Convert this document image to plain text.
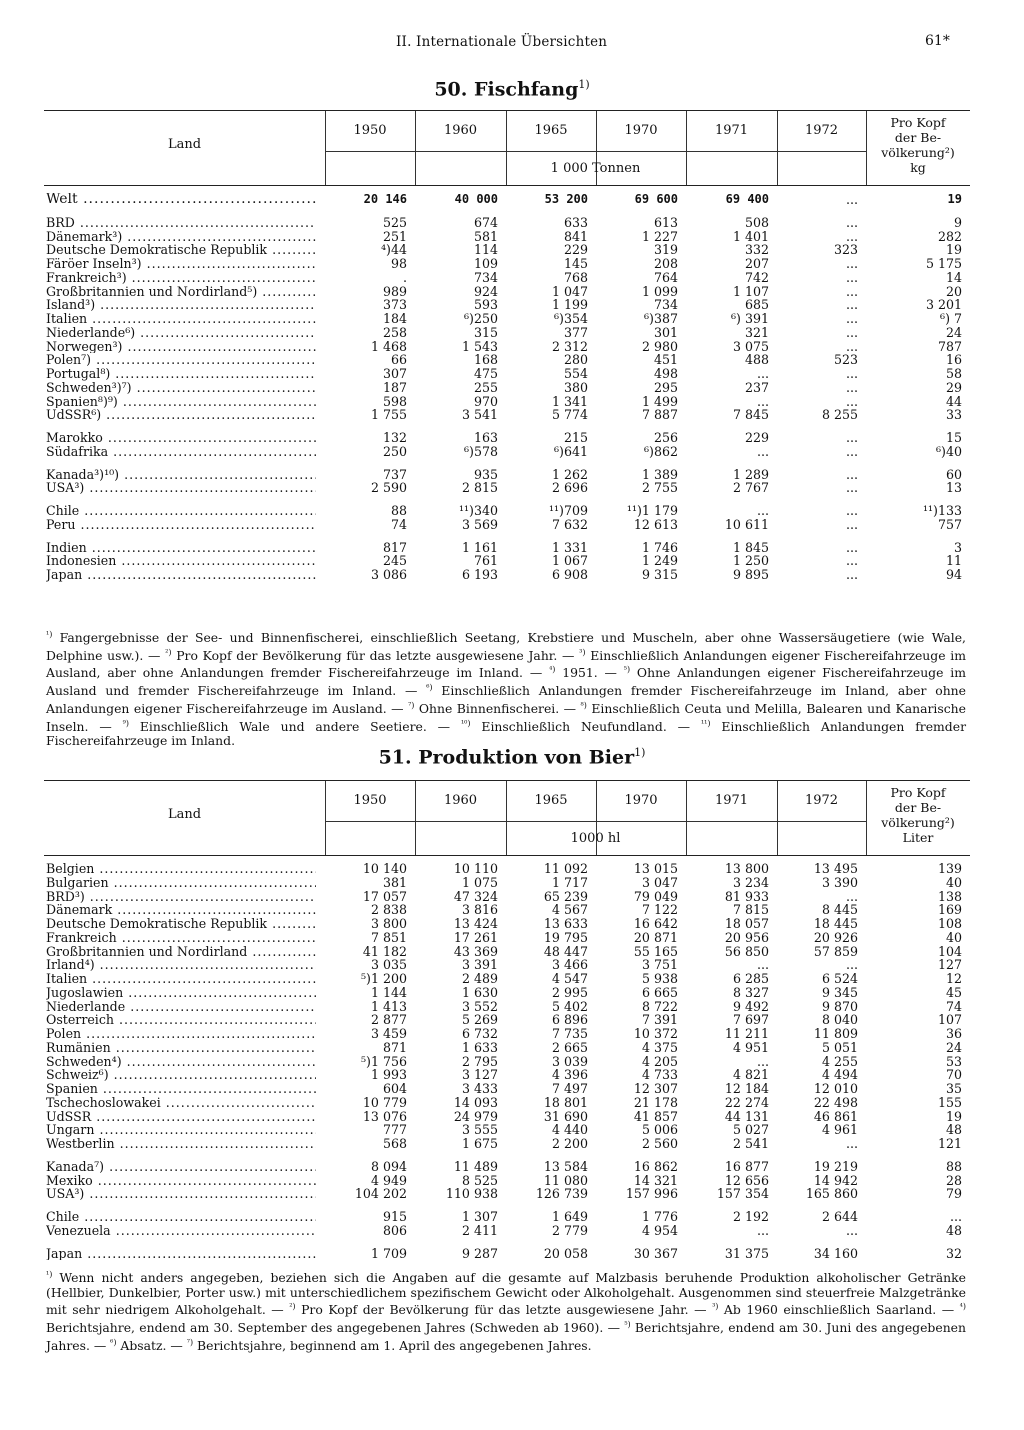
II. Internationale Übersichten	61*
50. Fischfang$^{1)}$
Land
1950	1960	1965	1970	1971	1972
1 000 Tonnen
Pro Kopf
der Be-
völkerung²)
kg
Welt .....	20 146	40 000	53 200	69 600	69 400	...	19
BRD .....	525	674	633	613	508	...	9
Dänemark³) .....	251	581	841	1 227	1 401	...	282
Deutsche Demokratische Republik .....	⁴)44	114	229	319	332	323	19
Färöer Inseln³) .....	98	109	145	208	207	...	5 175
Frankreich³) .....	.	734	768	764	742	...	14
Großbritannien und Nordirland⁵) .....	989	924	1 047	1 099	1 107	...	20
Island³) .....	373	593	1 199	734	685	...	3 201
Italien .....	184	⁶)250	⁶)354	⁶)387	⁶) 391	...	⁶) 7
Niederlande⁶) .....	258	315	377	301	321	...	24
Norwegen³) .....	1 468	1 543	2 312	2 980	3 075	...	787
Polen⁷) .....	66	168	280	451	488	523	16
Portugal⁸) .....	307	475	554	498	...	...	58
Schweden³)⁷) .....	187	255	380	295	237	...	29
Spanien⁸)⁹) .....	598	970	1 341	1 499	...	...	44
UdSSR⁶) .....	1 755	3 541	5 774	7 887	7 845	8 255	33
Marokko .....	132	163	215	256	229	...	15
Südafrika .....	250	⁶)578	⁶)641	⁶)862	...	...	⁶)40
Kanada³)¹⁰) .....	737	935	1 262	1 389	1 289	...	60
USA³) .....	2 590	2 815	2 696	2 755	2 767	...	13
Chile .....	88	¹¹)340	¹¹)709	¹¹)1 179	...	...	¹¹)133
Peru .....	74	3 569	7 632	12 613	10 611	...	757
Indien .....	817	1 161	1 331	1 746	1 845	...	3
Indonesien .....	245	761	1 067	1 249	1 250	...	11
Japan .....	3 086	6 193	6 908	9 315	9 895	...	94
$^{^1)}$ Fangergebnisse der See- und Binnenfischerei, einschließlich Seetang, Krebstiere und Muscheln, aber ohne Wassersäugetiere (wie Wale, Delphine usw.). — $^{^2)}$ Pro Kopf der Bevölkerung für das letzte ausgewiesene Jahr. — $^{^3)}$ Einschließlich Anlandungen eigener Fischereifahrzeuge im Ausland, aber ohne Anlandungen fremder Fischereifahrzeuge im Inland. — $^{^4)}$ 1951. — $^{^5)}$ Ohne Anlandungen eigener Fischereifahrzeuge im Ausland und fremder Fischereifahrzeuge im Inland. — $^{^6)}$ Einschließlich Anlandungen fremder Fischereifahrzeuge im Inland, aber ohne Anlandungen eigener Fischereifahrzeuge im Ausland. — $^{^7)}$ Ohne Binnenfischerei. — $^{^8)}$ Einschließlich Ceuta und Melilla, Balearen und Kanarische Inseln. — $^{^9)}$ Einschließlich Wale und andere Seetiere. — $^{^{10})}$ Einschließlich Neufundland. — $^{^{11})}$ Einschließlich Anlandungen fremder Fischereifahrzeuge im Inland.
51. Produktion von Bier$^{1)}$
Land
1950	1960	1965	1970	1971	1972
1000 hl
Pro Kopf
der Be-
völkerung²)
Liter
Belgien .....	10 140	10 110	11 092	13 015	13 800	13 495	139
Bulgarien .....	381	1 075	1 717	3 047	3 234	3 390	40
BRD³) .....	17 057	47 324	65 239	79 049	81 933	...	138
Dänemark .....	2 838	3 816	4 567	7 122	7 815	8 445	169
Deutsche Demokratische Republik .....	3 800	13 424	13 633	16 642	18 057	18 445	108
Frankreich .....	7 851	17 261	19 795	20 871	20 956	20 926	40
Großbritannien und Nordirland .....	41 182	43 369	48 447	55 165	56 850	57 859	104
Irland⁴) .....	3 035	3 391	3 466	3 751	...	...	127
Italien .....	⁵)1 200	2 489	4 547	5 938	6 285	6 524	12
Jugoslawien .....	1 144	1 630	2 995	6 665	8 327	9 345	45
Niederlande .....	1 413	3 552	5 402	8 722	9 492	9 870	74
Österreich .....	2 877	5 269	6 896	7 391	7 697	8 040	107
Polen .....	3 459	6 732	7 735	10 372	11 211	11 809	36
Rumänien .....	871	1 633	2 665	4 375	4 951	5 051	24
Schweden⁴) .....	⁵)1 756	2 795	3 039	4 205	...	4 255	53
Schweiz⁶) .....	1 993	3 127	4 396	4 733	4 821	4 494	70
Spanien .....	604	3 433	7 497	12 307	12 184	12 010	35
Tschechoslowakei .....	10 779	14 093	18 801	21 178	22 274	22 498	155
UdSSR .....	13 076	24 979	31 690	41 857	44 131	46 861	19
Ungarn .....	777	3 555	4 440	5 006	5 027	4 961	48
Westberlin .....	568	1 675	2 200	2 560	2 541	...	121
Kanada⁷) .....	8 094	11 489	13 584	16 862	16 877	19 219	88
Mexiko .....	4 949	8 525	11 080	14 321	12 656	14 942	28
USA³) .....	104 202	110 938	126 739	157 996	157 354	165 860	79
Chile .....	915	1 307	1 649	1 776	2 192	2 644	...
Venezuela .....	806	2 411	2 779	4 954	...	...	48
Japan .....	1 709	9 287	20 058	30 367	31 375	34 160	32
$^{^1)}$ Wenn nicht anders angegeben, beziehen sich die Angaben auf die gesamte auf Malzbasis beruhende Produktion alkoholischer Getränke (Hellbier, Dunkelbier, Porter usw.) mit unterschiedlichem spezifischem Gewicht oder Alkoholgehalt. Ausgenommen sind steuerfreie Malzgetränke mit sehr niedrigem Alkoholgehalt. — $^{^2)}$ Pro Kopf der Bevölkerung für das letzte ausgewiesene Jahr. — $^{^3)}$ Ab 1960 einschließlich Saarland. — $^{^4)}$ Berichtsjahre, endend am 30. September des angegebenen Jahres (Schweden ab 1960). — $^{^5)}$ Berichtsjahre, endend am 30. Juni des angegebenen Jahres. — $^{^6)}$ Absatz. — $^{^7)}$ Berichtsjahre, beginnend am 1. April des angegebenen Jahres.
